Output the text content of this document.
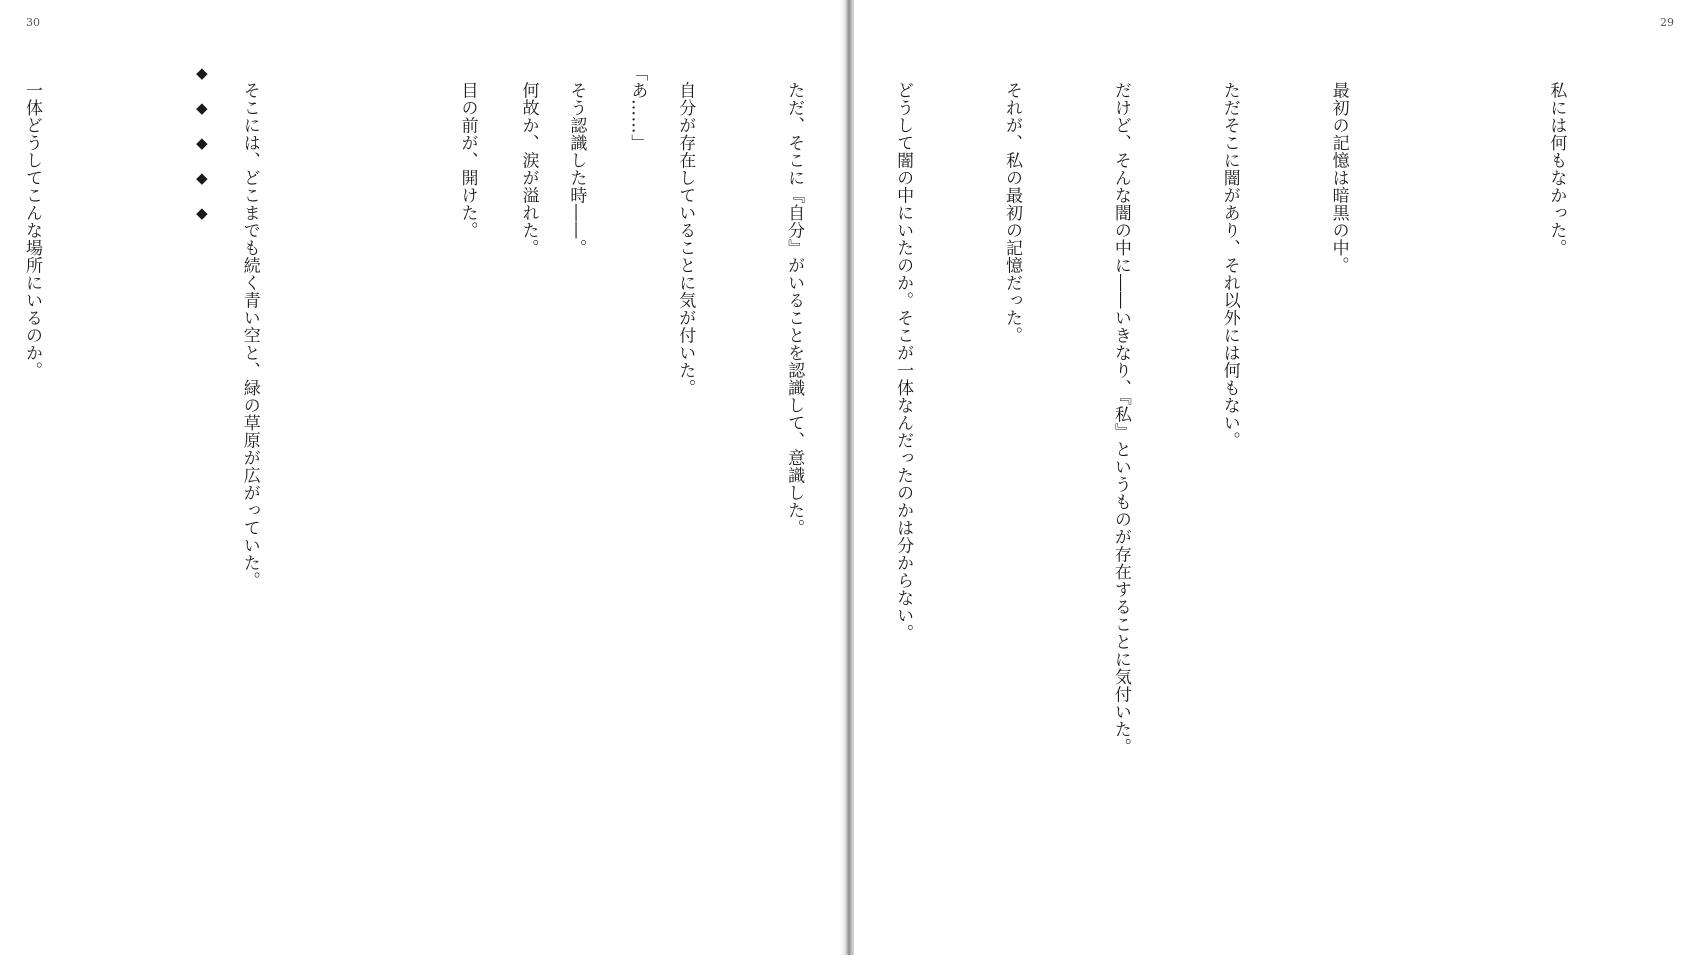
30

「あ……」

　何故か、涙が溢れた。

◆◆◆◆◆

29

　私には何もなかった。

　最初の記憶は暗黒の中。

　ただそこに闇があり、それ以外には何もない。

　だけど、そんな闇の中に――いきなり、『私』というものが存在することに気付いた。

　それが、私の最初の記憶だった。

　どうして闇の中にいたのか。そこが一体なんだったのかは分からない。

　ただ、そこに『自分』がいることを認識して、意識した。

　自分が存在していることに気が付いた。

　そう認識した時――。

　目の前が、開けた。

　そこには、どこまでも続く青い空と、緑の草原が広がっていた。

　一体どうしてこんな場所にいるのか。
